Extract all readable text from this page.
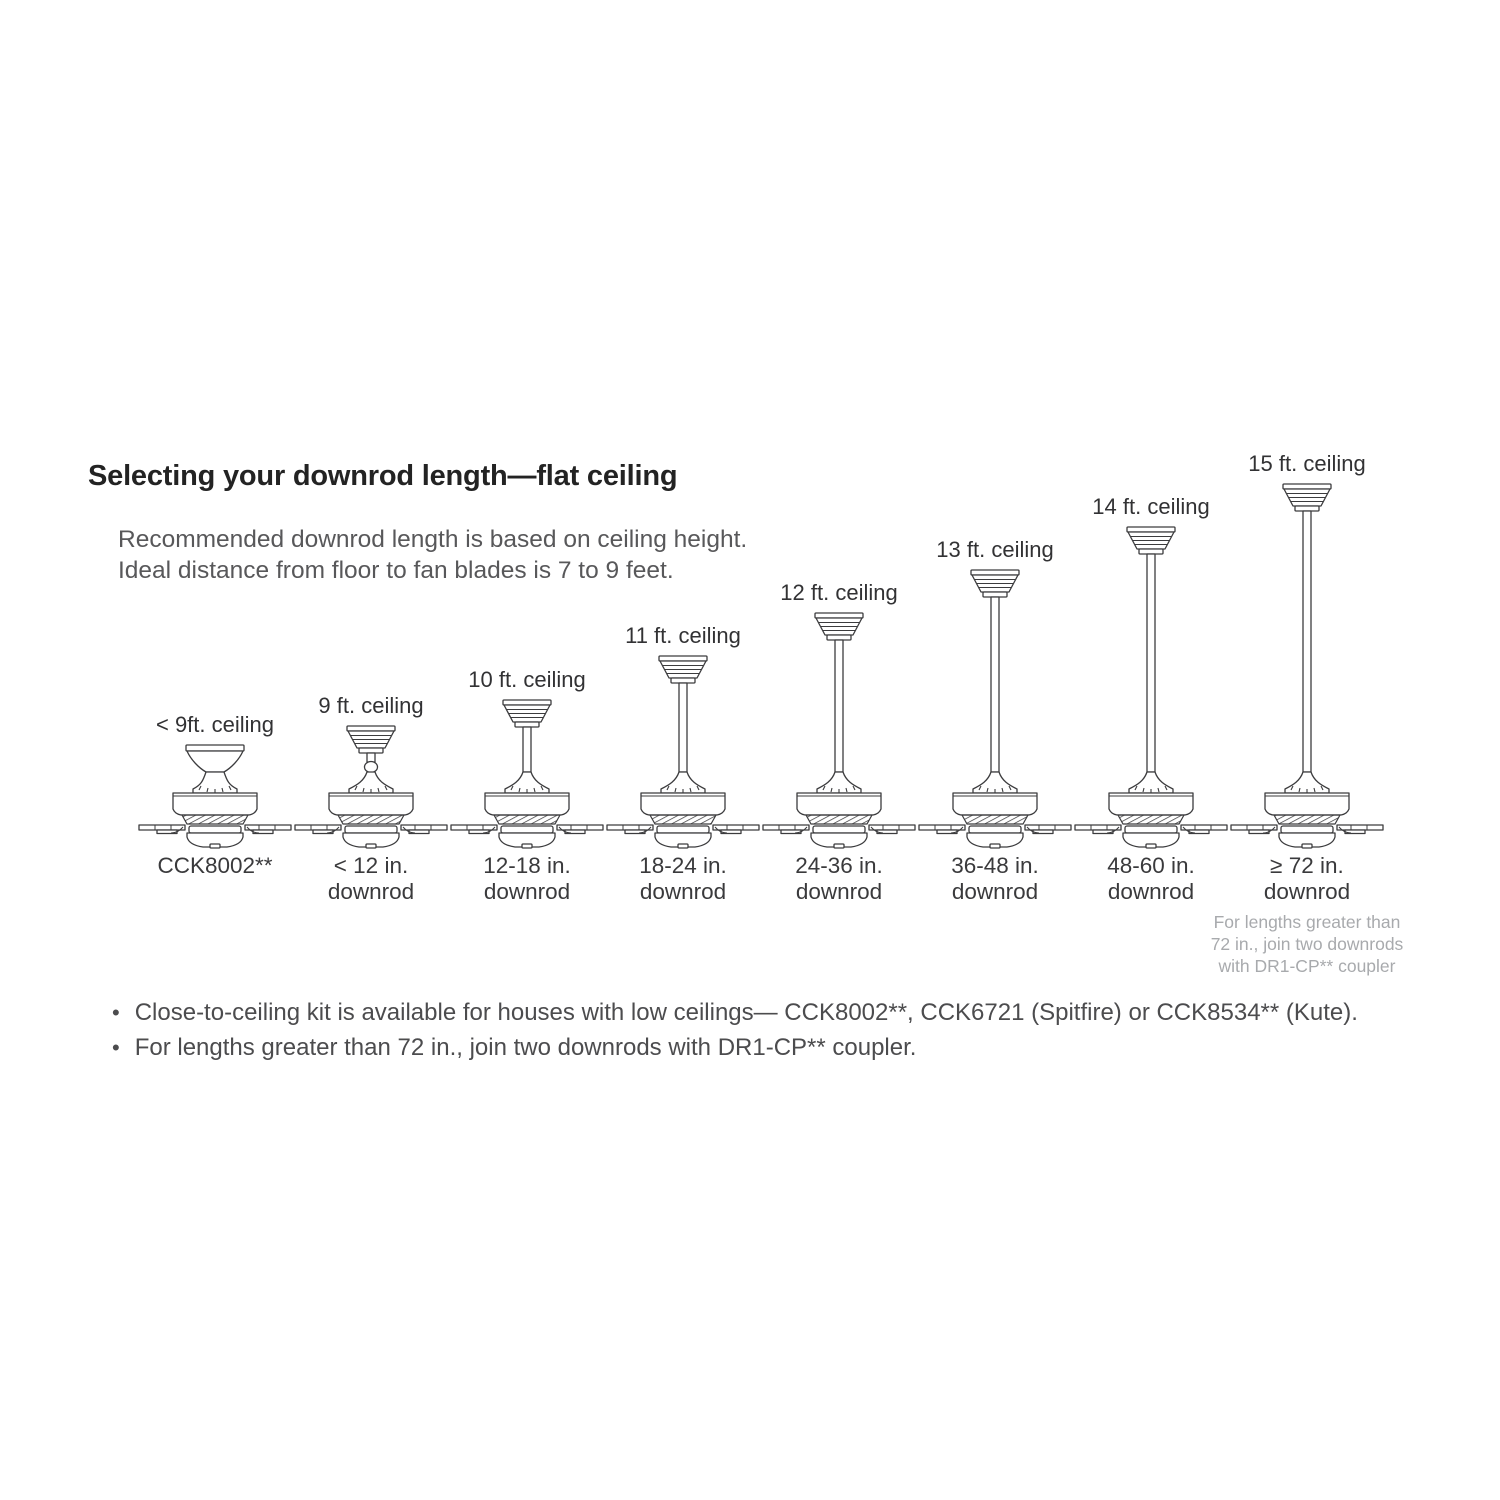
Selecting your downrod length—flat ceiling
Recommended downrod length is based on ceiling height.
Ideal distance from floor to fan blades is 7 to 9 feet.
< 9ft. ceiling
9 ft. ceiling
10 ft. ceiling
11 ft. ceiling
12 ft. ceiling
13 ft. ceiling
14 ft. ceiling
15 ft. ceiling
CCK8002**	< 12 in.
downrod
12-18 in.
downrod
18-24 in.
downrod
24-36 in.
downrod
36-48 in.
downrod
48-60 in.
downrod
≥ 72 in.
downrod
For lengths greater than
72 in., join two downrods
with DR1-CP** coupler
• Close-to-ceiling kit is available for houses with low ceilings— CCK8002**, CCK6721 (Spitfire) or CCK8534** (Kute).
• For lengths greater than 72 in., join two downrods with DR1-CP** coupler.
